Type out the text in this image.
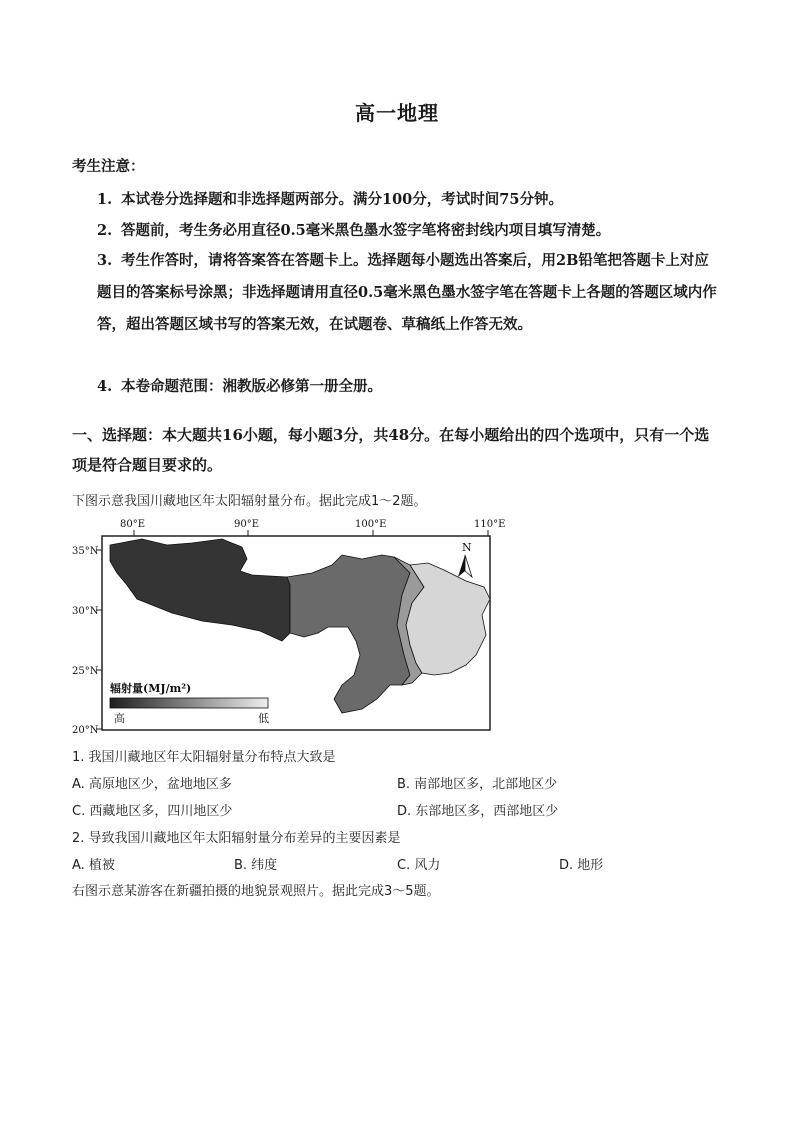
高一地理
考生注意：
1. 本试卷分选择题和非选择题两部分。满分100分，考试时间75分钟。
2. 答题前，考生务必用直径0.5毫米黑色墨水签字笔将密封线内项目填写清楚。
3. 考生作答时，请将答案答在答题卡上。选择题每小题选出答案后，用2B铅笔把答题卡上对应题目的答案标号涂黑；非选择题请用直径0.5毫米黑色墨水签字笔在答题卡上各题的答题区域内作答，超出答题区域书写的答案无效，在试题卷、草稿纸上作答无效。
4. 本卷命题范围：湘教版必修第一册全册。
一、选择题：本大题共16小题，每小题3分，共48分。在每小题给出的四个选项中，只有一个选项是符合题目要求的。
下图示意我国川藏地区年太阳辐射量分布。据此完成1～2题。
N
辐射量(MJ/m²)
高	低
80°E	90°E	100°E	110°E
35°N
30°N
25°N
20°N
1. 我国川藏地区年太阳辐射量分布特点大致是
A. 高原地区少，盆地地区多	B. 南部地区多，北部地区少
C. 西藏地区多，四川地区少	D. 东部地区多，西部地区少
2. 导致我国川藏地区年太阳辐射量分布差异的主要因素是
A. 植被	B. 纬度	C. 风力	D. 地形
右图示意某游客在新疆拍摄的地貌景观照片。据此完成3～5题。
